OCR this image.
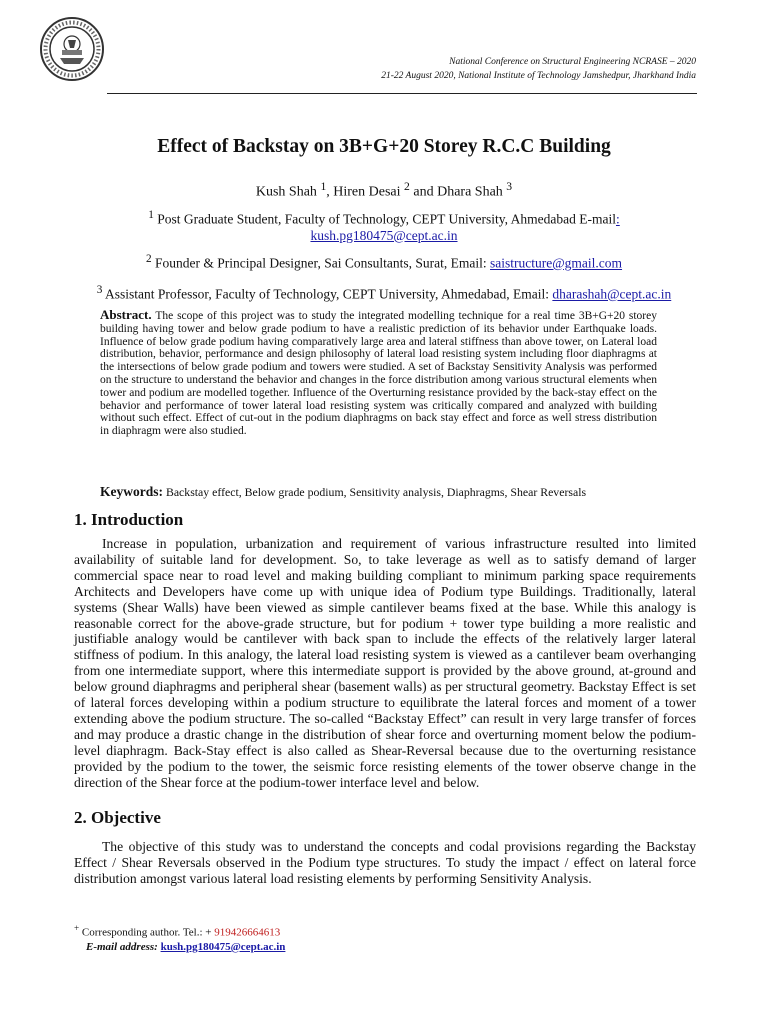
National Conference on Structural Engineering NCRASE – 2020
21-22 August 2020, National Institute of Technology Jamshedpur, Jharkhand India
Effect of Backstay on 3B+G+20 Storey R.C.C Building
Kush Shah $^1$, Hiren Desai $^2$ and Dhara Shah $^3$
$^1$ Post Graduate Student, Faculty of Technology, CEPT University, Ahmedabad E-mail:
kush.pg180475@cept.ac.in
$^2$ Founder & Principal Designer, Sai Consultants, Surat, Email: saistructure@gmail.com
$^3$ Assistant Professor, Faculty of Technology, CEPT University, Ahmedabad, Email: dharashah@cept.ac.in
Abstract. The scope of this project was to study the integrated modelling technique for a real time 3B+G+20 storey building having tower and below grade podium to have a realistic prediction of its behavior under Earthquake loads. Influence of below grade podium having comparatively large area and lateral stiffness than above tower, on Lateral load distribution, behavior, performance and design philosophy of lateral load resisting system including floor diaphragms at the intersections of below grade podium and towers were studied. A set of Backstay Sensitivity Analysis was performed on the structure to understand the behavior and changes in the force distribution among various structural elements when tower and podium are modelled together. Influence of the Overturning resistance provided by the back-stay effect on the behavior and performance of tower lateral load resisting system was critically compared and analyzed with building without such effect. Effect of cut-out in the podium diaphragms on back stay effect and force as well stress distribution in diaphragm were also studied.
Keywords: Backstay effect, Below grade podium, Sensitivity analysis, Diaphragms, Shear Reversals
1. Introduction
Increase in population, urbanization and requirement of various infrastructure resulted into limited availability of suitable land for development. So, to take leverage as well as to satisfy demand of larger commercial space near to road level and making building compliant to minimum parking space requirements Architects and Developers have come up with unique idea of Podium type Buildings. Traditionally, lateral systems (Shear Walls) have been viewed as simple cantilever beams fixed at the base. While this analogy is reasonable correct for the above-grade structure, but for podium + tower type building a more realistic and justifiable analogy would be cantilever with back span to include the effects of the relatively larger lateral stiffness of podium. In this analogy, the lateral load resisting system is viewed as a cantilever beam overhanging from one intermediate support, where this intermediate support is provided by the above ground, at-ground and below ground diaphragms and peripheral shear (basement walls) as per structural geometry. Backstay Effect is set of lateral forces developing within a podium structure to equilibrate the lateral forces and moment of a tower extending above the podium structure. The so-called “Backstay Effect” can result in very large transfer of forces and may produce a drastic change in the distribution of shear force and overturning moment below the podium-level diaphragm. Back-Stay effect is also called as Shear-Reversal because due to the overturning resistance provided by the podium to the tower, the seismic force resisting elements of the tower observe change in the direction of the Shear force at the podium-tower interface level and below.
2. Objective
The objective of this study was to understand the concepts and codal provisions regarding the Backstay Effect / Shear Reversals observed in the Podium type structures. To study the impact / effect on lateral force distribution amongst various lateral load resisting elements by performing Sensitivity Analysis.
+ Corresponding author. Tel.: + 919426664613
E-mail address: kush.pg180475@cept.ac.in
